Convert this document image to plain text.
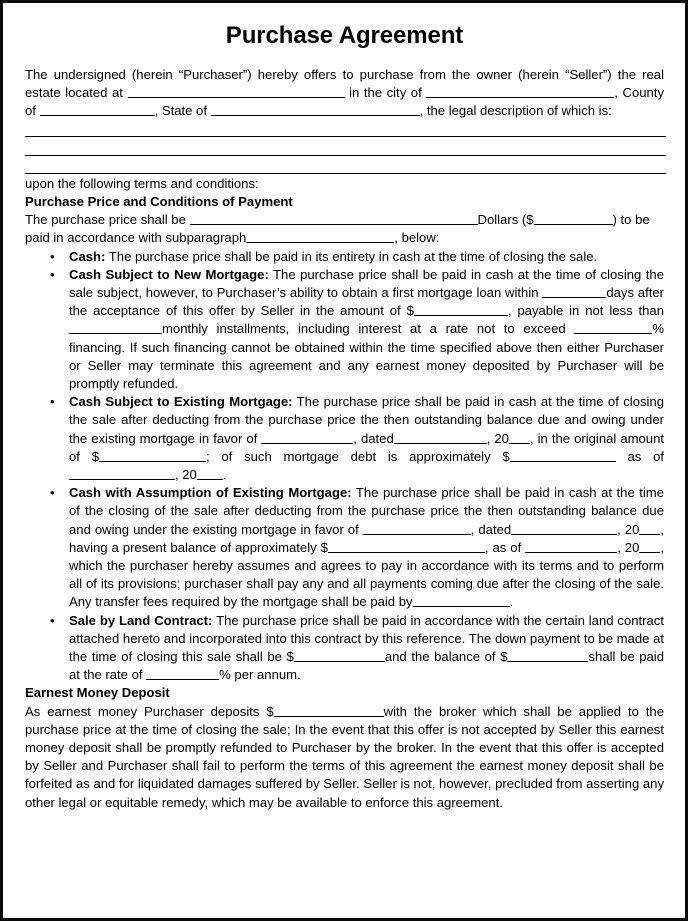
Purchase Agreement

The undersigned (herein “Purchaser”) hereby offers to purchase from the owner (herein “Seller”) the real estate located at	in the city of	, County of	, State of	, the legal description of which is:

upon the following terms and conditions:

Purchase Price and Conditions of Payment

The purchase price shall be	Dollars ($	) to be paid in accordance with subparagraph	, below:

• Cash: The purchase price shall be paid in its entirety in cash at the time of closing the sale.
• Cash Subject to New Mortgage: The purchase price shall be paid in cash at the time of closing the sale subject, however, to Purchaser’s ability to obtain a first mortgage loan within	days after the acceptance of this offer by Seller in the amount of $	, payable in not less than monthly installments, including interest at a rate not to exceed	% financing. If such financing cannot be obtained within the time specified above then either Purchaser or Seller may terminate this agreement and any earnest money deposited by Purchaser will be promptly refunded.
• Cash Subject to Existing Mortgage: The purchase price shall be paid in cash at the time of closing the sale after deducting from the purchase price the then outstanding balance due and owing under the existing mortgage in favor of	, dated	, 20 , in the original amount of $	; of such mortgage debt is approximately $	as of , 20 .
• Cash with Assumption of Existing Mortgage: The purchase price shall be paid in cash at the time of the closing of the sale after deducting from the purchase price the then outstanding balance due and owing under the existing mortgage in favor of	, dated	, 20 , having a present balance of approximately $	, as of	, 20 , which the purchaser hereby assumes and agrees to pay in accordance with its terms and to perform all of its provisions; purchaser shall pay any and all payments coming due after the closing of the sale. Any transfer fees required by the mortgage shall be paid by	.
• Sale by Land Contract: The purchase price shall be paid in accordance with the certain land contract attached hereto and incorporated into this contract by this reference. The down payment to be made at the time of closing this sale shall be $	and the balance of $	shall be paid at the rate of	% per annum.
Earnest Money Deposit

As earnest money Purchaser deposits $	with the broker which shall be applied to the purchase price at the time of closing the sale; In the event that this offer is not accepted by Seller this earnest money deposit shall be promptly refunded to Purchaser by the broker. In the event that this offer is accepted by Seller and Purchaser shall fail to perform the terms of this agreement the earnest money deposit shall be forfeited as and for liquidated damages suffered by Seller. Seller is not, however, precluded from asserting any other legal or equitable remedy, which may be available to enforce this agreement.
